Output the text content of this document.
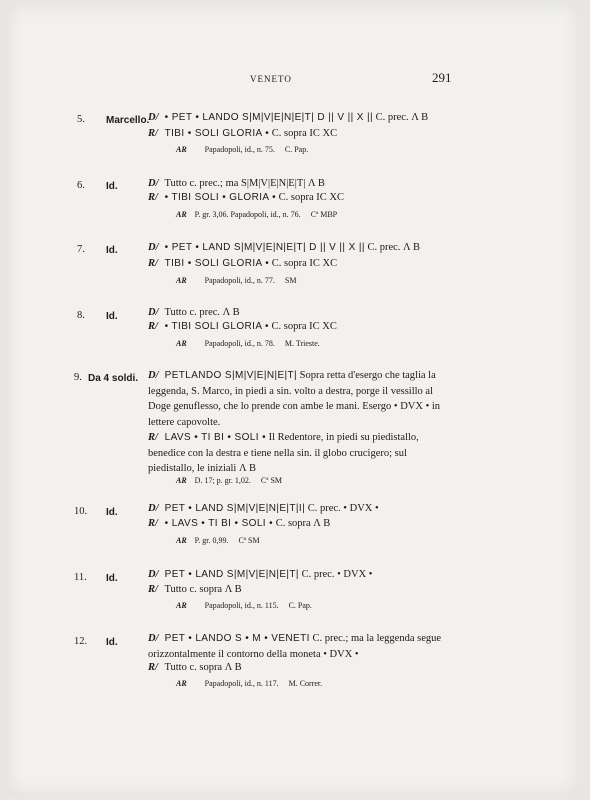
VENETO	291
5. Marcello.
D/ • PET • LANDO S|M|V|E|N|E|T| D || V || X || C. prec. Λ B
R/ TIBI • SOLI GLORIA • C. sopra IC XC
AR Papadopoli, id., n. 75. C. Pap.
6. Id.	D/ Tutto c. prec.; ma S|M|V|E|N|E|T| Λ B
R/ • TIBI SOLI • GLORIA • C. sopra IC XC
AR P. gr. 3,06. Papadopoli, id., n. 76. Cª MBP
7. Id.	D/ • PET • LAND S|M|V|E|N|E|T| D || V || X || C. prec. Λ B
R/ TIBI • SOLI GLORIA • C. sopra IC XC
AR Papadopoli, id., n. 77. SM
8. Id.	D/ Tutto c. prec. Λ B
R/ • TIBI SOLI GLORIA • C. sopra IC XC
AR Papadopoli, id., n. 78. M. Trieste.
9. Da 4 soldi. D/ PETLANDO S|M|V|E|N|E|T| Sopra retta d'esergo che taglia la leggenda, S. Marco, in piedi a sin. volto a destra, porge il vessillo al Doge genuflesso, che lo prende con ambe le mani. Esergo • DVX • in lettere capovolte.
R/ LAVS • TI BI • SOLI • Il Redentore, in piedi su piedistallo, benedice con la destra e tiene nella sin. il globo crucigero; sul piedistallo, le iniziali Λ B
AR D. 17; p. gr. 1,02. Cª SM
10. Id.	D/ PET • LAND S|M|V|E|N|E|T|I| C. prec. • DVX •
R/ • LAVS • TI BI • SOLI • C. sopra Λ B
AR P. gr. 0,99. Cª SM
11. Id.	D/ PET • LAND S|M|V|E|N|E|T| C. prec. • DVX •
R/ Tutto c. sopra Λ B
AR Papadopoli, id., n. 115. C. Pap.
12. Id.	D/ PET • LANDO S • M • VENETI C. prec.; ma la leggenda segue orizzontalmente il contorno della moneta • DVX •
R/ Tutto c. sopra Λ B
AR Papadopoli, id., n. 117. M. Correr.
